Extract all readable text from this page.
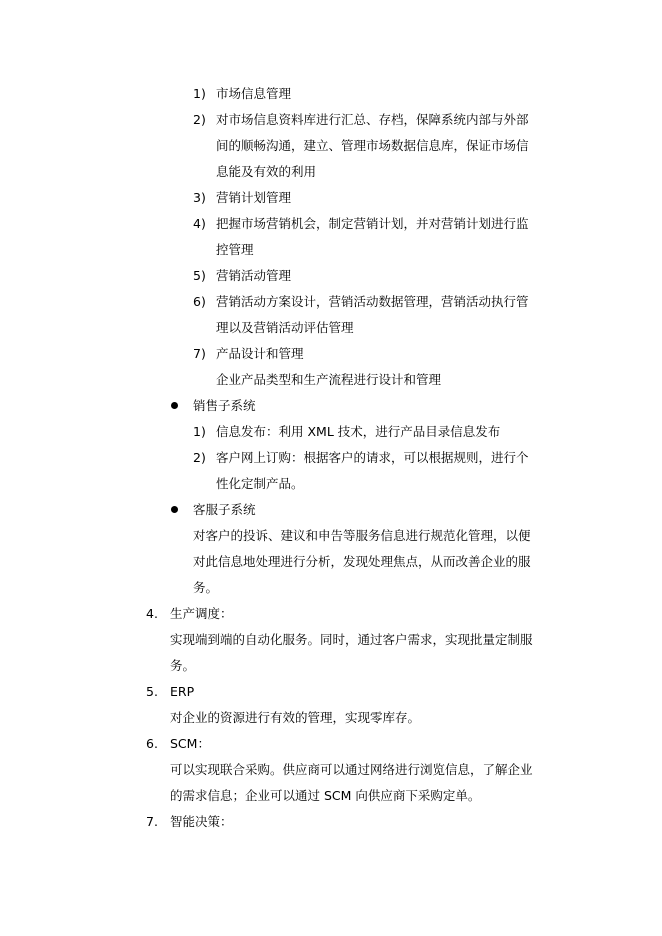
1) 市场信息管理
2) 对市场信息资料库进行汇总、存档，保障系统内部与外部
间的顺畅沟通，建立、管理市场数据信息库，保证市场信
息能及有效的利用
3) 营销计划管理
4) 把握市场营销机会，制定营销计划，并对营销计划进行监
控管理
5) 营销活动管理
6) 营销活动方案设计，营销活动数据管理，营销活动执行管
理以及营销活动评估管理
7) 产品设计和管理
企业产品类型和生产流程进行设计和管理
销售子系统
1) 信息发布：利用 XML 技术，进行产品目录信息发布
2) 客户网上订购：根据客户的请求，可以根据规则，进行个
性化定制产品。
客服子系统
对客户的投诉、建议和申告等服务信息进行规范化管理，以便
对此信息地处理进行分析，发现处理焦点，从而改善企业的服
务。
4. 生产调度：
实现端到端的自动化服务。同时，通过客户需求，实现批量定制服
务。
5. ERP
对企业的资源进行有效的管理，实现零库存。
6. SCM：
可以实现联合采购。供应商可以通过网络进行浏览信息，了解企业
的需求信息；企业可以通过 SCM 向供应商下采购定单。
7. 智能决策：
